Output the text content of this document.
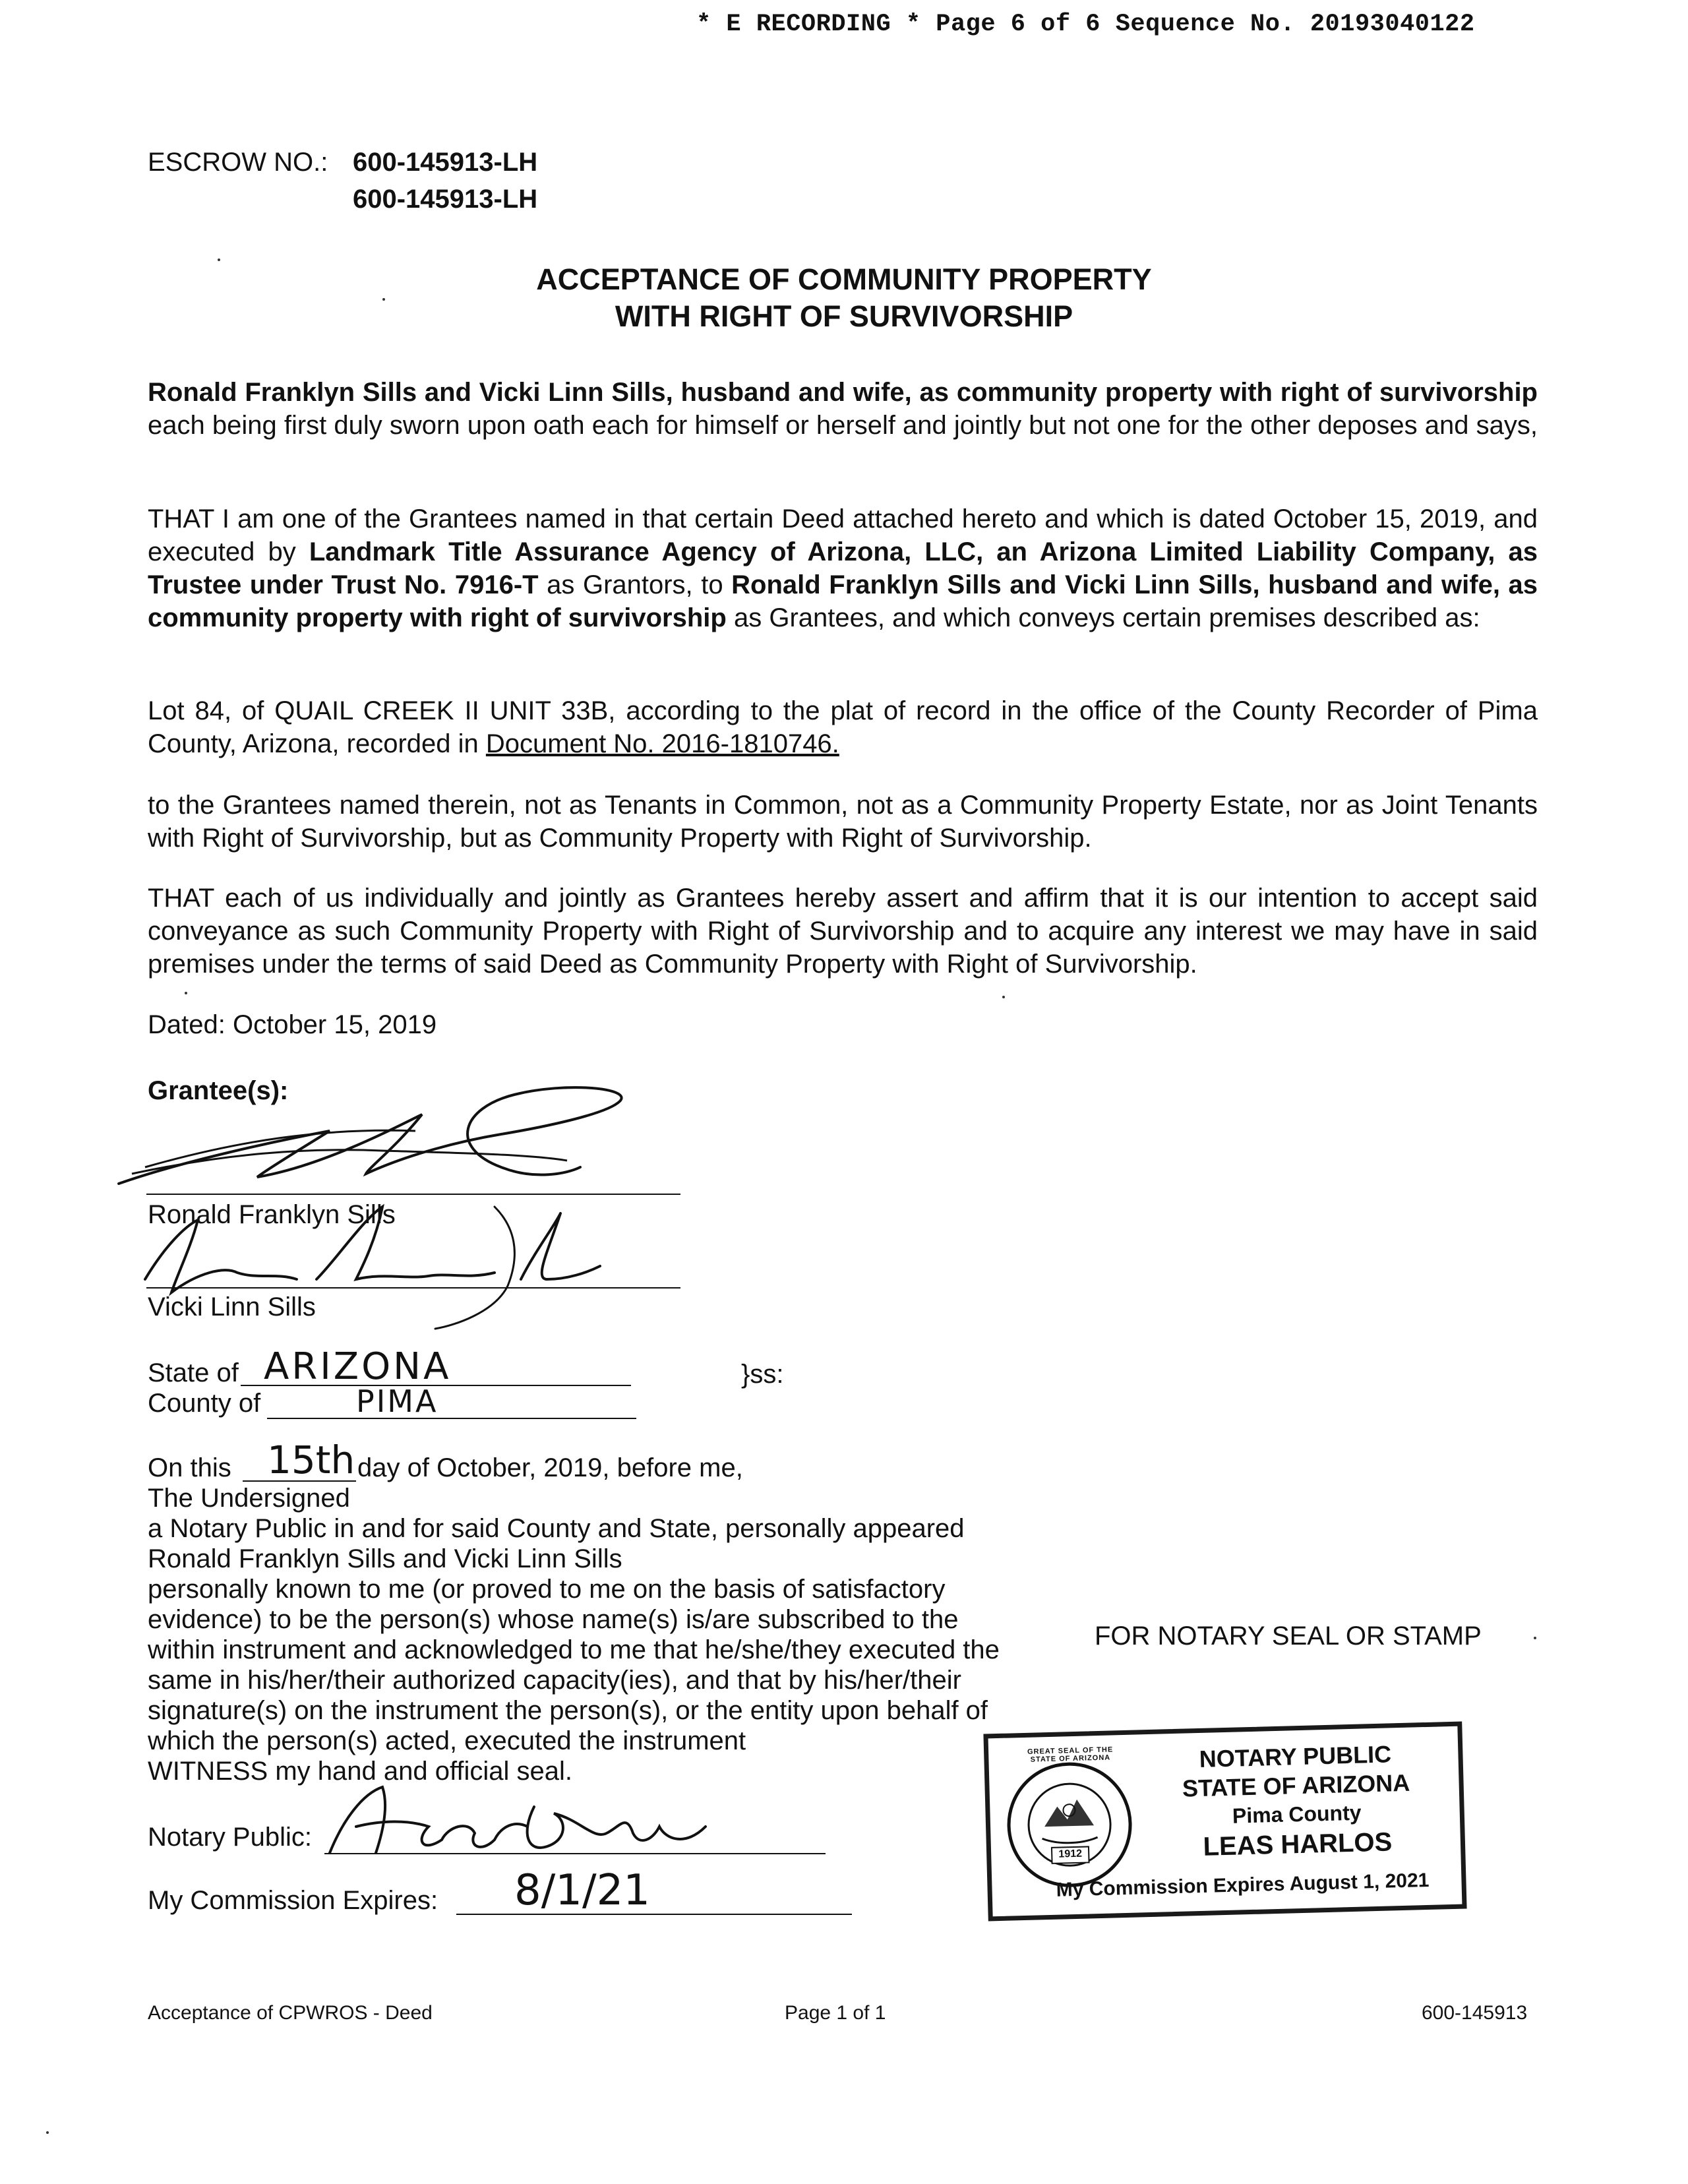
* E RECORDING * Page 6 of 6 Sequence No. 20193040122
ESCROW NO.: 600-145913-LH
600-145913-LH
ACCEPTANCE OF COMMUNITY PROPERTY
WITH RIGHT OF SURVIVORSHIP
Ronald Franklyn Sills and Vicki Linn Sills, husband and wife, as community property with right of survivorship each being first duly sworn upon oath each for himself or herself and jointly but not one for the other deposes and says,
THAT I am one of the Grantees named in that certain Deed attached hereto and which is dated October 15, 2019, and executed by Landmark Title Assurance Agency of Arizona, LLC, an Arizona Limited Liability Company, as Trustee under Trust No. 7916-T as Grantors, to Ronald Franklyn Sills and Vicki Linn Sills, husband and wife, as community property with right of survivorship as Grantees, and which conveys certain premises described as:
Lot 84, of QUAIL CREEK II UNIT 33B, according to the plat of record in the office of the County Recorder of Pima County, Arizona, recorded in Document No. 2016-1810746.
to the Grantees named therein, not as Tenants in Common, not as a Community Property Estate, nor as Joint Tenants with Right of Survivorship, but as Community Property with Right of Survivorship.
THAT each of us individually and jointly as Grantees hereby assert and affirm that it is our intention to accept said conveyance as such Community Property with Right of Survivorship and to acquire any interest we may have in said premises under the terms of said Deed as Community Property with Right of Survivorship.
Dated: October 15, 2019
Grantee(s):
Ronald Franklyn Sills
Vicki Linn Sills
State of ARIZONA	}ss:
County of	PIMA
On this 15th day of October, 2019, before me,
The Undersigned
a Notary Public in and for said County and State, personally appeared
Ronald Franklyn Sills and Vicki Linn Sills
personally known to me (or proved to me on the basis of satisfactory
evidence) to be the person(s) whose name(s) is/are subscribed to the
within instrument and acknowledged to me that he/she/they executed the
same in his/her/their authorized capacity(ies), and that by his/her/their
signature(s) on the instrument the person(s), or the entity upon behalf of
which the person(s) acted, executed the instrument
WITNESS my hand and official seal.
Notary Public:
My Commission Expires: 8/1/21
FOR NOTARY SEAL OR STAMP
GREAT SEAL OF THE STATE OF ARIZONA
1912
NOTARY PUBLIC
STATE OF ARIZONA
Pima County
LEAS HARLOS
My Commission Expires August 1, 2021
Acceptance of CPWROS - Deed	Page 1 of 1	600-145913
